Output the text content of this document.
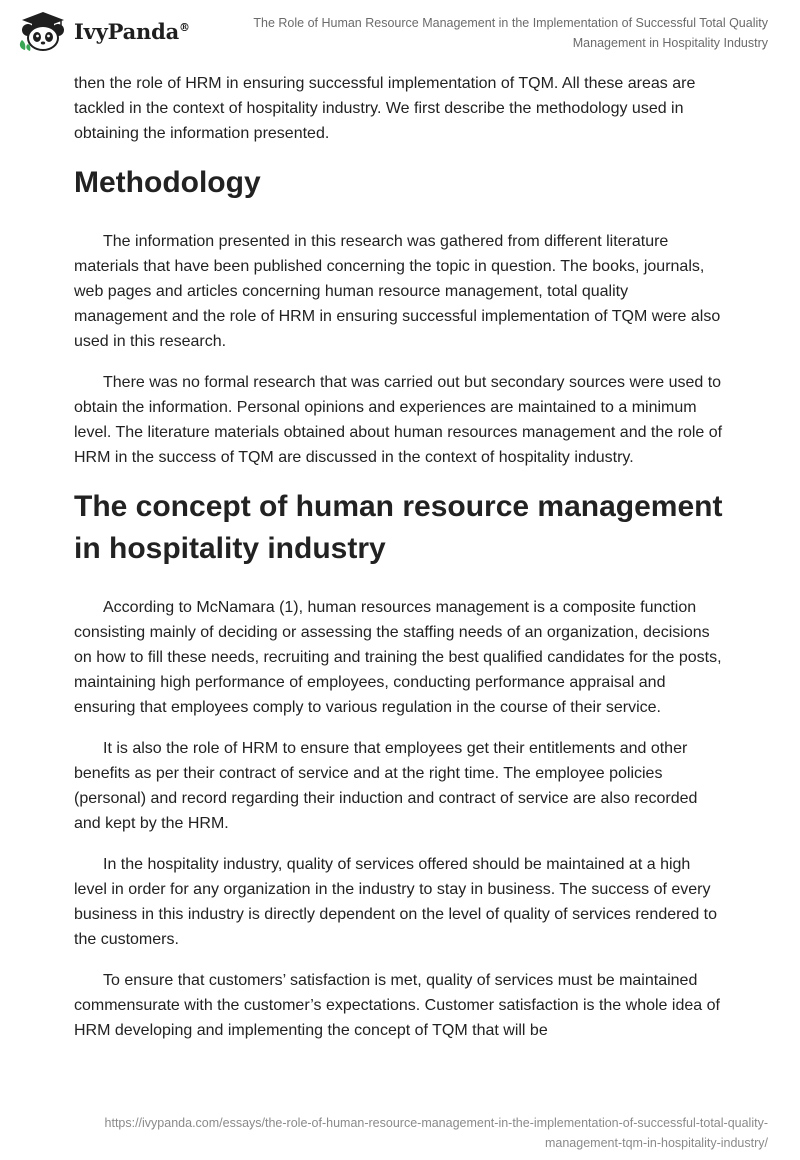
IvyPanda®	The Role of Human Resource Management in the Implementation of Successful Total Quality
Management in Hospitality Industry

then the role of HRM in ensuring successful implementation of TQM. All these areas are tackled in the context of hospitality industry. We first describe the methodology used in obtaining the information presented.

Methodology

The information presented in this research was gathered from different literature materials that have been published concerning the topic in question. The books, journals, web pages and articles concerning human resource management, total quality management and the role of HRM in ensuring successful implementation of TQM were also used in this research.

There was no formal research that was carried out but secondary sources were used to obtain the information. Personal opinions and experiences are maintained to a minimum level. The literature materials obtained about human resources management and the role of HRM in the success of TQM are discussed in the context of hospitality industry.

The concept of human resource management in hospitality industry

According to McNamara (1), human resources management is a composite function consisting mainly of deciding or assessing the staffing needs of an organization, decisions on how to fill these needs, recruiting and training the best qualified candidates for the posts, maintaining high performance of employees, conducting performance appraisal and ensuring that employees comply to various regulation in the course of their service.

It is also the role of HRM to ensure that employees get their entitlements and other benefits as per their contract of service and at the right time. The employee policies (personal) and record regarding their induction and contract of service are also recorded and kept by the HRM.

In the hospitality industry, quality of services offered should be maintained at a high level in order for any organization in the industry to stay in business. The success of every business in this industry is directly dependent on the level of quality of services rendered to the customers.

To ensure that customers’ satisfaction is met, quality of services must be maintained commensurate with the customer’s expectations. Customer satisfaction is the whole idea of HRM developing and implementing the concept of TQM that will be

https://ivypanda.com/essays/the-role-of-human-resource-management-in-the-implementation-of-successful-total-quality-
management-tqm-in-hospitality-industry/
